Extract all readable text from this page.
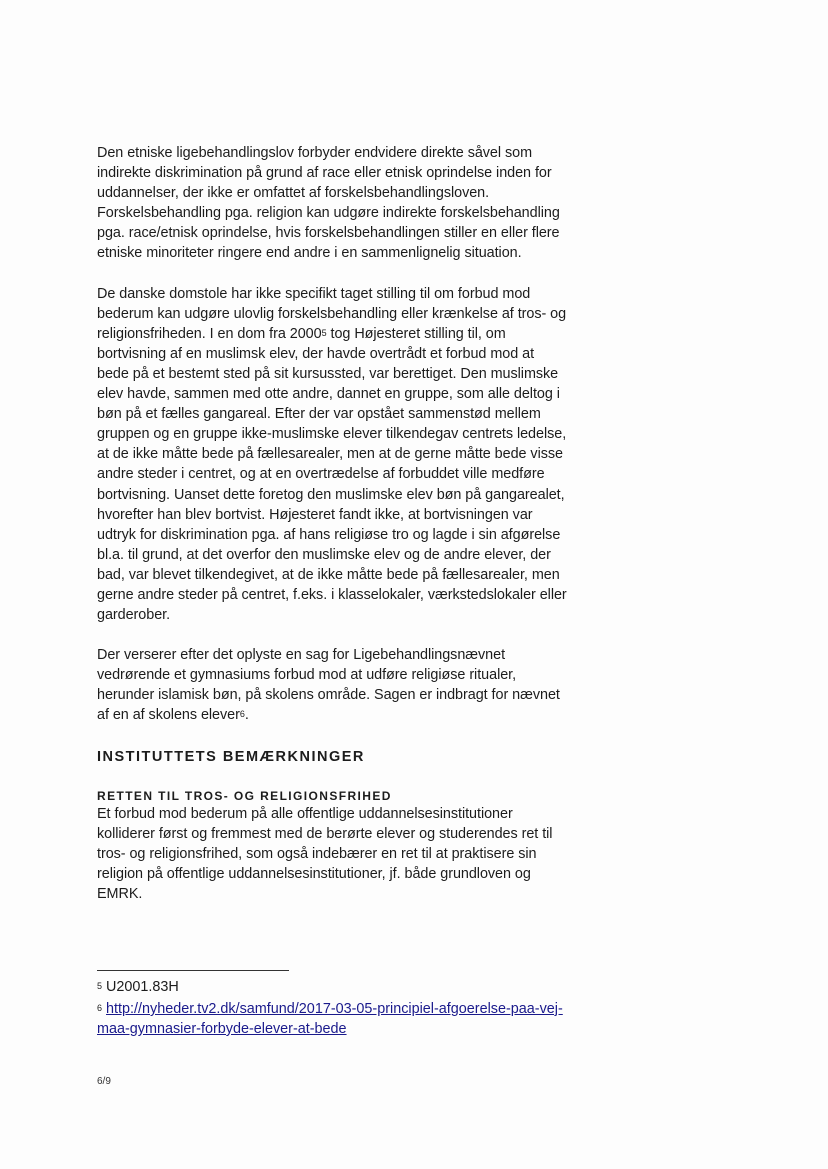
Den etniske ligebehandlingslov forbyder endvidere direkte såvel som indirekte diskrimination på grund af race eller etnisk oprindelse inden for uddannelser, der ikke er omfattet af forskelsbehandlingsloven. Forskelsbehandling pga. religion kan udgøre indirekte forskelsbehandling pga. race/etnisk oprindelse, hvis forskelsbehandlingen stiller en eller flere etniske minoriteter ringere end andre i en sammenlignelig situation.

De danske domstole har ikke specifikt taget stilling til om forbud mod bederum kan udgøre ulovlig forskelsbehandling eller krænkelse af tros- og religionsfriheden. I en dom fra 2000$^5$ tog Højesteret stilling til, om bortvisning af en muslimsk elev, der havde overtrådt et forbud mod at bede på et bestemt sted på sit kursussted, var berettiget. Den muslimske elev havde, sammen med otte andre, dannet en gruppe, som alle deltog i bøn på et fælles gangareal. Efter der var opstået sammenstød mellem gruppen og en gruppe ikke-muslimske elever tilkendegav centrets ledelse, at de ikke måtte bede på fællesarealer, men at de gerne måtte bede visse andre steder i centret, og at en overtrædelse af forbuddet ville medføre bortvisning. Uanset dette foretog den muslimske elev bøn på gangarealet, hvorefter han blev bortvist. Højesteret fandt ikke, at bortvisningen var udtryk for diskrimination pga. af hans religiøse tro og lagde i sin afgørelse bl.a. til grund, at det overfor den muslimske elev og de andre elever, der bad, var blevet tilkendegivet, at de ikke måtte bede på fællesarealer, men gerne andre steder på centret, f.eks. i klasselokaler, værkstedslokaler eller garderober.

Der verserer efter det oplyste en sag for Ligebehandlingsnævnet vedrørende et gymnasiums forbud mod at udføre religiøse ritualer, herunder islamisk bøn, på skolens område. Sagen er indbragt for nævnet af en af skolens elever$^6$.

INSTITUTTETS BEMÆRKNINGER
RETTEN TIL TROS- OG RELIGIONSFRIHED

Et forbud mod bederum på alle offentlige uddannelsesinstitutioner kolliderer først og fremmest med de berørte elever og studerendes ret til tros- og religionsfrihed, som også indebærer en ret til at praktisere sin religion på offentlige uddannelsesinstitutioner, jf. både grundloven og EMRK.

$^5$ U2001.83H
$^6$ http://nyheder.tv2.dk/samfund/2017-03-05-principiel-afgoerelse-paa-vej-maa-gymnasier-forbyde-elever-at-bede
6/9
